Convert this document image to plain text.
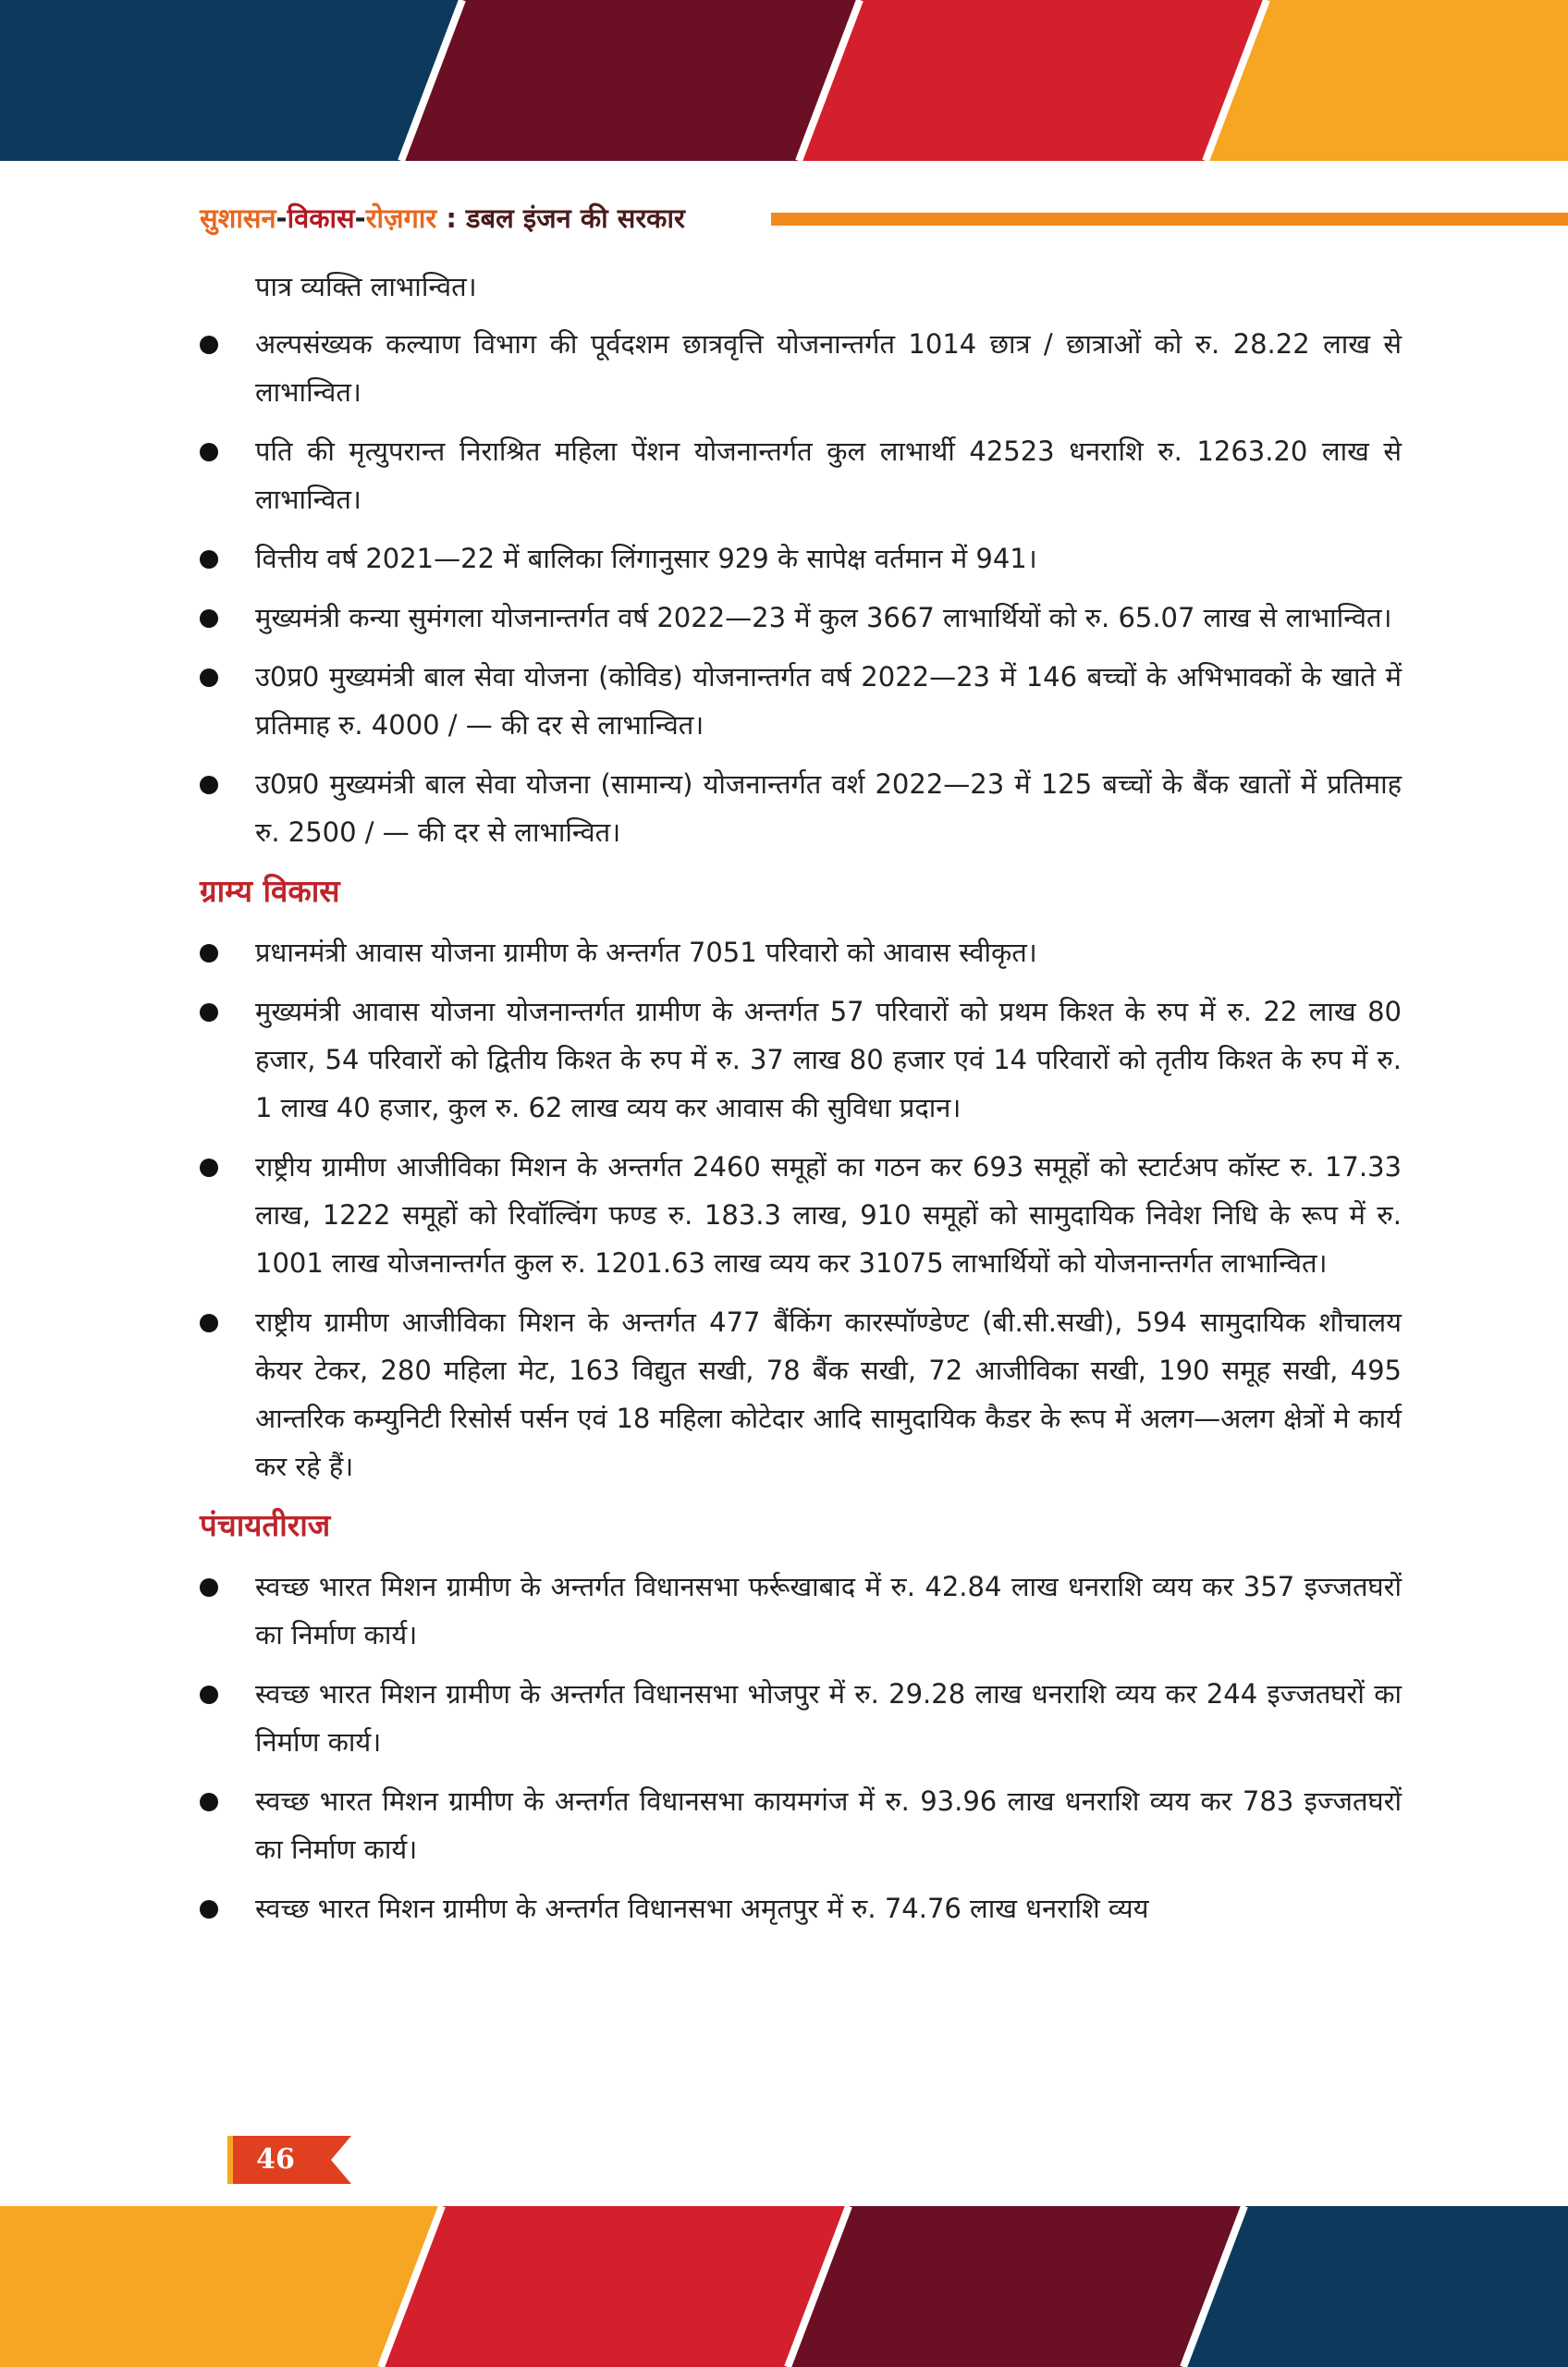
सुशासन-विकास-रोज़गार : डबल इंजन की सरकार

पात्र व्यक्ति लाभान्वित।

अल्पसंख्यक कल्याण विभाग की पूर्वदशम छात्रवृत्ति योजनान्तर्गत 1014 छात्र / छात्राओं को रु. 28.22 लाख से लाभान्वित।
पति की मृत्युपरान्त निराश्रित महिला पेंशन योजनान्तर्गत कुल लाभार्थी 42523 धनराशि रु. 1263.20 लाख से लाभान्वित।
वित्तीय वर्ष 2021—22 में बालिका लिंगानुसार 929 के सापेक्ष वर्तमान में 941।
मुख्यमंत्री कन्या सुमंगला योजनान्तर्गत वर्ष 2022—23 में कुल 3667 लाभार्थियों को रु. 65.07 लाख से लाभान्वित।
उ0प्र0 मुख्यमंत्री बाल सेवा योजना (कोविड) योजनान्तर्गत वर्ष 2022—23 में 146 बच्चों के अभिभावकों के खाते में प्रतिमाह रु. 4000 / — की दर से लाभान्वित।
उ0प्र0 मुख्यमंत्री बाल सेवा योजना (सामान्य) योजनान्तर्गत वर्श 2022—23 में 125 बच्चों के बैंक खातों में प्रतिमाह रु. 2500 / — की दर से लाभान्वित।
ग्राम्य विकास
प्रधानमंत्री आवास योजना ग्रामीण के अन्तर्गत 7051 परिवारो को आवास स्वीकृत।
मुख्यमंत्री आवास योजना योजनान्तर्गत ग्रामीण के अन्तर्गत 57 परिवारों को प्रथम किश्त के रुप में रु. 22 लाख 80 हजार, 54 परिवारों को द्वितीय किश्त के रुप में रु. 37 लाख 80 हजार एवं 14 परिवारों को तृतीय किश्त के रुप में रु. 1 लाख 40 हजार, कुल रु. 62 लाख व्यय कर आवास की सुविधा प्रदान।
राष्ट्रीय ग्रामीण आजीविका मिशन के अन्तर्गत 2460 समूहों का गठन कर 693 समूहों को स्टार्टअप कॉस्ट रु. 17.33 लाख, 1222 समूहों को रिवॉल्विंग फण्ड रु. 183.3 लाख, 910 समूहों को सामुदायिक निवेश निधि के रूप में रु. 1001 लाख योजनान्तर्गत कुल रु. 1201.63 लाख व्यय कर 31075 लाभार्थियों को योजनान्तर्गत लाभान्वित।
राष्ट्रीय ग्रामीण आजीविका मिशन के अन्तर्गत 477 बैंकिंग कारस्पॉण्डेण्ट (बी.सी.सखी), 594 सामुदायिक शौचालय केयर टेकर, 280 महिला मेट, 163 विद्युत सखी, 78 बैंक सखी, 72 आजीविका सखी, 190 समूह सखी, 495 आन्तरिक कम्युनिटी रिसोर्स पर्सन एवं 18 महिला कोटेदार आदि सामुदायिक कैडर के रूप में अलग—अलग क्षेत्रों मे कार्य कर रहे हैं।
पंचायतीराज
स्वच्छ भारत मिशन ग्रामीण के अन्तर्गत विधानसभा फर्रूखाबाद में रु. 42.84 लाख धनराशि व्यय कर 357 इज्जतघरों का निर्माण कार्य।
स्वच्छ भारत मिशन ग्रामीण के अन्तर्गत विधानसभा भोजपुर में रु. 29.28 लाख धनराशि व्यय कर 244 इज्जतघरों का निर्माण कार्य।
स्वच्छ भारत मिशन ग्रामीण के अन्तर्गत विधानसभा कायमगंज में रु. 93.96 लाख धनराशि व्यय कर 783 इज्जतघरों का निर्माण कार्य।
स्वच्छ भारत मिशन ग्रामीण के अन्तर्गत विधानसभा अमृतपुर में रु. 74.76 लाख धनराशि व्यय
46
